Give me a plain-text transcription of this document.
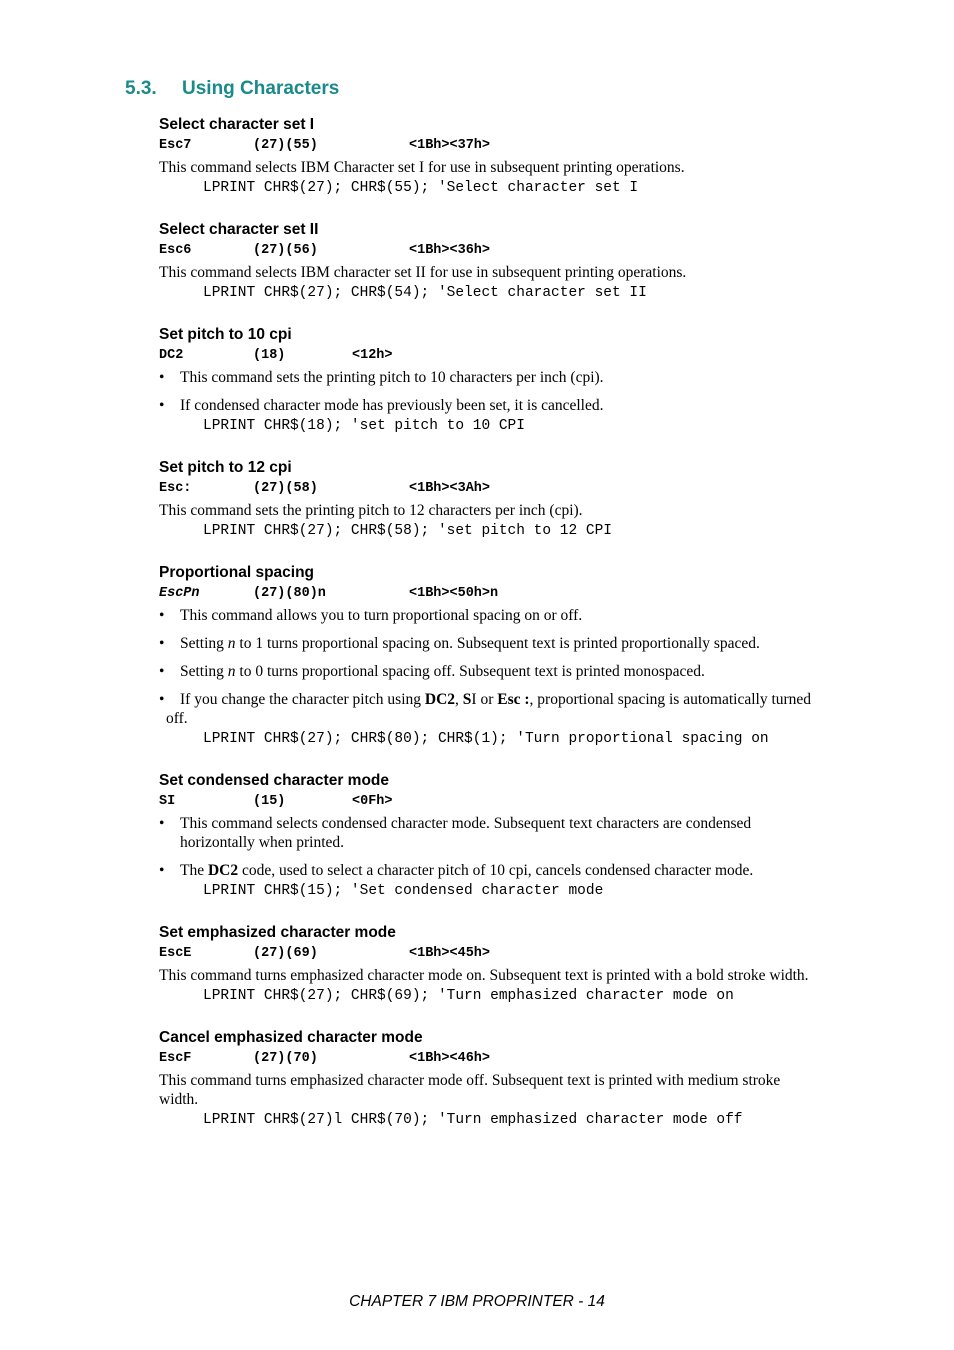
5.3. Using Characters
Select character set I
Esc7	(27)(55)	<1Bh><37h>

This command selects IBM Character set I for use in subsequent printing operations.

LPRINT CHR$(27); CHR$(55); 'Select character set I
Select character set II
Esc6	(27)(56)	<1Bh><36h>

This command selects IBM character set II for use in subsequent printing operations.

LPRINT CHR$(27); CHR$(54); 'Select character set II
Set pitch to 10 cpi
DC2	(18)	<12h>
• This command sets the printing pitch to 10 characters per inch (cpi).
• If condensed character mode has previously been set, it is cancelled.
LPRINT CHR$(18); 'set pitch to 10 CPI
Set pitch to 12 cpi
Esc:	(27)(58)	<1Bh><3Ah>

This command sets the printing pitch to 12 characters per inch (cpi).

LPRINT CHR$(27); CHR$(58); 'set pitch to 12 CPI
Proportional spacing
EscPn	(27)(80)n	<1Bh><50h>n
• This command allows you to turn proportional spacing on or off.
• Setting n to 1 turns proportional spacing on. Subsequent text is printed proportionally spaced.
• Setting n to 0 turns proportional spacing off. Subsequent text is printed monospaced.
• If you change the character pitch using DC2, SI or Esc :, proportional spacing is automatically turned
off.
LPRINT CHR$(27); CHR$(80); CHR$(1); 'Turn proportional spacing on
Set condensed character mode
SI	(15)	<0Fh>
• This command selects condensed character mode. Subsequent text characters are condensed
horizontally when printed.
• The DC2 code, used to select a character pitch of 10 cpi, cancels condensed character mode.
LPRINT CHR$(15); 'Set condensed character mode
Set emphasized character mode
EscE	(27)(69)	<1Bh><45h>

This command turns emphasized character mode on. Subsequent text is printed with a bold stroke width.

LPRINT CHR$(27); CHR$(69); 'Turn emphasized character mode on
Cancel emphasized character mode
EscF	(27)(70)	<1Bh><46h>

This command turns emphasized character mode off. Subsequent text is printed with medium stroke
width.

LPRINT CHR$(27)l CHR$(70); 'Turn emphasized character mode off
CHAPTER 7 IBM PROPRINTER - 14
